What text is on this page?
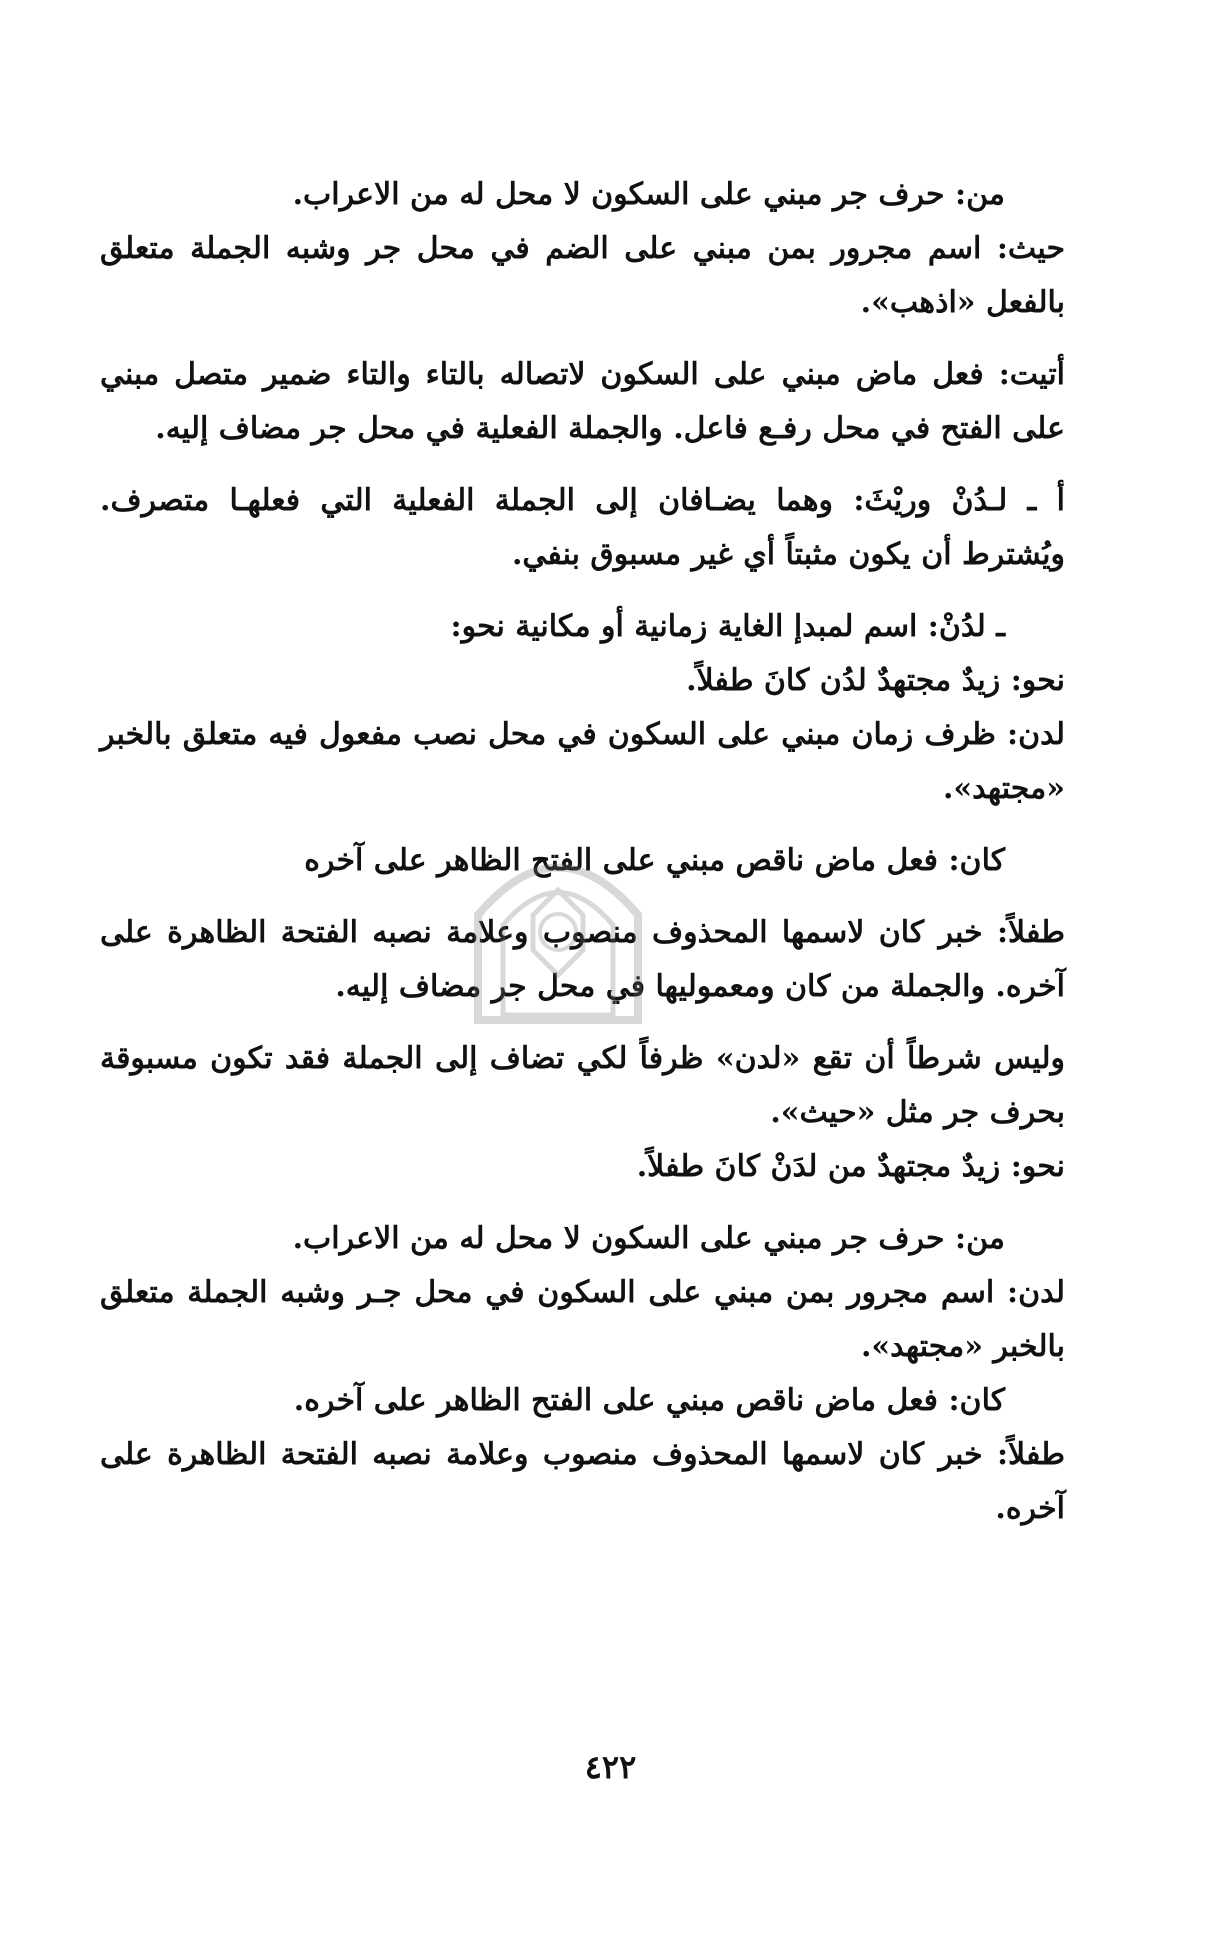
من: حرف جر مبني على السكون لا محل له من الاعراب.

حيث: اسم مجرور بمن مبني على الضم في محل جر وشبه الجملة متعلق بالفعل «اذهب».

أتيت: فعل ماض مبني على السكون لاتصاله بالتاء والتاء ضمير متصل مبني على الفتح في محل رفـع فاعل. والجملة الفعلية في محل جر مضاف إليه.

أ ـ لـدُنْ وريْثَ: وهما يضـافان إلى الجملة الفعلية التي فعلهـا متصرف. ويُشترط أن يكون مثبتاً أي غير مسبوق بنفي.

ـ لدُنْ: اسم لمبدإ الغاية زمانية أو مكانية نحو:

نحو: زيدٌ مجتهدٌ لدُن كانَ طفلاً.

لدن: ظرف زمان مبني على السكون في محل نصب مفعول فيه متعلق بالخبر «مجتهد».

كان: فعل ماض ناقص مبني على الفتح الظاهر على آخره

طفلاً: خبر كان لاسمها المحذوف منصوب وعلامة نصبه الفتحة الظاهرة على آخره. والجملة من كان ومعموليها في محل جر مضاف إليه.

وليس شرطاً أن تقع «لدن» ظرفاً لكي تضاف إلى الجملة فقد تكون مسبوقة بحرف جر مثل «حيث».

نحو: زيدٌ مجتهدٌ من لدَنْ كانَ طفلاً.

من: حرف جر مبني على السكون لا محل له من الاعراب.

لدن: اسم مجرور بمن مبني على السكون في محل جـر وشبه الجملة متعلق بالخبر «مجتهد».

كان: فعل ماض ناقص مبني على الفتح الظاهر على آخره.

طفلاً: خبر كان لاسمها المحذوف منصوب وعلامة نصبه الفتحة الظاهرة على آخره.

٤٢٢
